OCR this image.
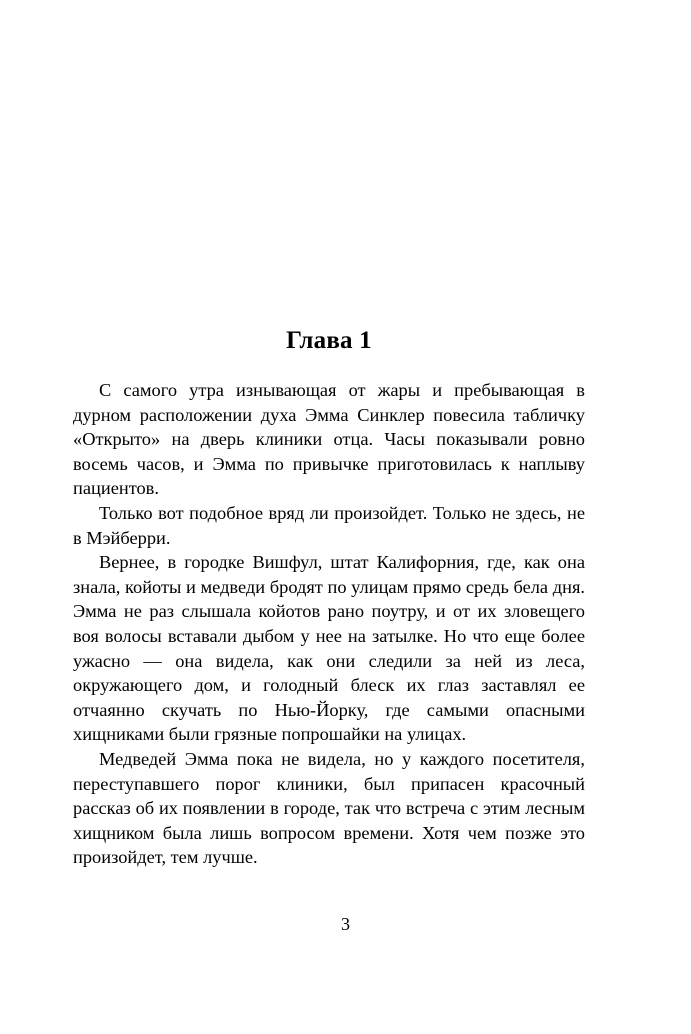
Глава 1

С самого утра изнывающая от жары и пребывающая в дурном расположении духа Эмма Синклер повесила табличку «Открыто» на дверь клиники отца. Часы показывали ровно восемь часов, и Эмма по привычке приготовилась к наплыву пациентов.

Только вот подобное вряд ли произойдет. Только не здесь, не в Мэйберри.

Вернее, в городке Вишфул, штат Калифорния, где, как она знала, койоты и медведи бродят по улицам прямо средь бела дня. Эмма не раз слышала койотов рано поутру, и от их зловещего воя волосы вставали дыбом у нее на затылке. Но что еще более ужасно — она видела, как они следили за ней из леса, окружающего дом, и голодный блеск их глаз заставлял ее отчаянно скучать по Нью-Йорку, где самыми опасными хищниками были грязные попрошайки на улицах.

Медведей Эмма пока не видела, но у каждого посетителя, переступавшего порог клиники, был припасен красочный рассказ об их появлении в городе, так что встреча с этим лесным хищником была лишь вопросом времени. Хотя чем позже это произойдет, тем лучше.

3
